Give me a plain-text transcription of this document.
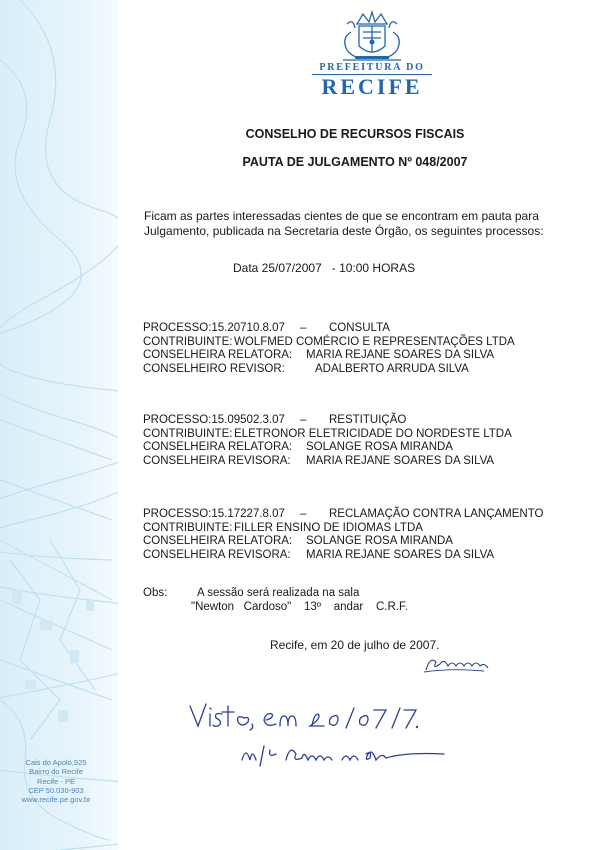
Cais do Apolo,925
Bairro do Recife
Recife - PE
CEP 50.030-903
www.recife.pe.gov.br
PREFEITURA DO
RECIFE
CONSELHO DE RECURSOS FISCAIS
PAUTA DE JULGAMENTO Nº 048/2007
Ficam as partes interessadas cientes de que se encontram em pauta para Julgamento, publicada na Secretaria deste Órgão, os seguintes processos:
Data 25/07/2007   - 10:00 HORAS
PROCESSO:15.20710.8.07 – CONSULTA
CONTRIBUINTE: WOLFMED COMÉRCIO E REPRESENTAÇÕES LTDA
CONSELHEIRA RELATORA: MARIA REJANE SOARES DA SILVA
CONSELHEIRO REVISOR:	ADALBERTO ARRUDA SILVA
PROCESSO:15.09502.3.07 – RESTITUIÇÃO
CONTRIBUINTE: ELETRONOR ELETRICIDADE DO NORDESTE LTDA
CONSELHEIRA RELATORA: SOLANGE ROSA MIRANDA
CONSELHEIRA REVISORA: MARIA REJANE SOARES DA SILVA
PROCESSO:15.17227.8.07 – RECLAMAÇÃO CONTRA LANÇAMENTO
CONTRIBUINTE: FILLER ENSINO DE IDIOMAS LTDA
CONSELHEIRA RELATORA: SOLANGE ROSA MIRANDA
CONSELHEIRA REVISORA: MARIA REJANE SOARES DA SILVA
Obs:	A sessão será realizada na sala
"Newton   Cardoso"    13º    andar    C.R.F.
Recife, em 20 de julho de 2007.
